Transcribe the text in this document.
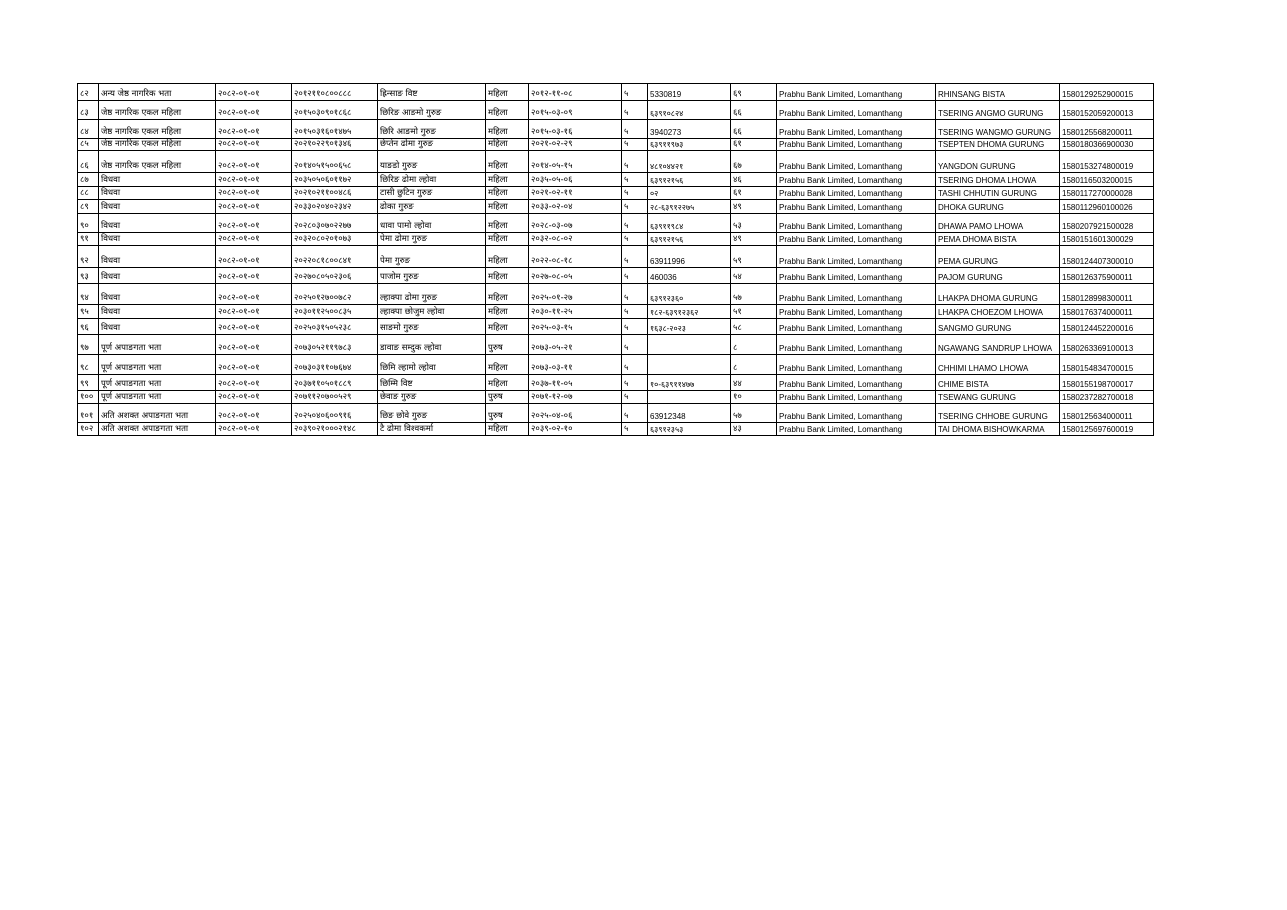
८२	अन्य जेष्ठ नागरिक भता	२०८२-०१-०१	२०१२११०८००८८८	ह्रिन्साङ विष्ट	महिला	२०१२-११-०८	५	5330819	६९	Prabhu Bank Limited, Lomanthang	RHINSANG BISTA	1580129252900015
८३	जेष्ठ नागरिक एकल महिला	२०८२-०१-०१	२०१५०३०९०१८६८	छिरिङ आङमो गुरुङ	महिला	२०१५-०३-०९	५	६३९१०८२४	६६	Prabhu Bank Limited, Lomanthang	TSERING ANGMO GURUNG	1580152059200013
८४	जेष्ठ नागरिक एकल महिला	२०८२-०१-०१	२०१५०३१६०१४७५	छिरि आङमो गुरुङ	महिला	२०१५-०३-१६	५	3940273	६६	Prabhu Bank Limited, Lomanthang	TSERING WANGMO GURUNG	1580125568200011
८५	जेष्ठ नागरिक एकल महिला	२०८२-०१-०१	२०२१०२२९०१३४६	छेप्तेन ढोमा गुरुङ	महिला	२०२१-०२-२९	५	६३९११९७३	६१	Prabhu Bank Limited, Lomanthang	TSEPTEN DHOMA GURUNG	1580180366900030
८६	जेष्ठ नागरिक एकल महिला	२०८२-०१-०१	२०१४०५१५००६५८	याङडो गुरुङ	महिला	२०१४-०५-१५	५	४८१०४४२१	६७	Prabhu Bank Limited, Lomanthang	YANGDON GURUNG	1580153274800019
८७	विधवा	२०८२-०१-०१	२०३५०५०६०११७२	छिरिङ ढोमा ल्होवा	महिला	२०३५-०५-०६	५	६३९१२१५६	४६	Prabhu Bank Limited, Lomanthang	TSERING DHOMA LHOWA	1580116503200015
८८	विधवा	२०८२-०१-०१	२०२१०२११००४८६	टासी छुटिन गुरुङ	महिला	२०२१-०२-११	५	०२	६१	Prabhu Bank Limited, Lomanthang	TASHI CHHUTIN GURUNG	1580117270000028
८९	विधवा	२०८२-०१-०१	२०३३०२०४०२३४२	ढोका गुरुङ	महिला	२०३३-०२-०४	५	२८-६३९१२२७५	४९	Prabhu Bank Limited, Lomanthang	DHOKA GURUNG	1580112960100026
९०	विधवा	२०८२-०१-०१	२०२८०३०७०२२७७	धावा पामो ल्होवा	महिला	२०२८-०३-०७	५	६३९११९८४	५३	Prabhu Bank Limited, Lomanthang	DHAWA PAMO LHOWA	1580207921500028
९१	विधवा	२०८२-०१-०१	२०३२०८०२०१०७३	पेमा ढोमा गुरुङ	महिला	२०३२-०८-०२	५	६३९१२१५६	४९	Prabhu Bank Limited, Lomanthang	PEMA DHOMA BISTA	1580151601300029
९२	विधवा	२०८२-०१-०१	२०२२०८१८००८४१	पेमा गुरुङ	महिला	२०२२-०८-१८	५	63911996	५९	Prabhu Bank Limited, Lomanthang	PEMA GURUNG	1580124407300010
९३	विधवा	२०८२-०१-०१	२०२७०८०५०२३०६	पाजोम गुरुङ	महिला	२०२७-०८-०५	५	460036	५४	Prabhu Bank Limited, Lomanthang	PAJOM GURUNG	1580126375900011
९४	विधवा	२०८२-०१-०१	२०२५०१२७००७८२	ल्हाक्पा ढोमा गुरुङ	महिला	२०२५-०१-२७	५	६३९१२३६०	५७	Prabhu Bank Limited, Lomanthang	LHAKPA DHOMA GURUNG	1580128998300011
९५	विधवा	२०८२-०१-०१	२०३०११२५००८३५	ल्हाक्पा छोजुम ल्होवा	महिला	२०३०-११-२५	५	१८२-६३९१२३६२	५१	Prabhu Bank Limited, Lomanthang	LHAKPA CHOEZOM LHOWA	1580176374000011
९६	विधवा	२०८२-०१-०१	२०२५०३१५०५२३८	साङमो गुरुङ	महिला	२०२५-०३-१५	५	१६३८-२०२३	५८	Prabhu Bank Limited, Lomanthang	SANGMO GURUNG	1580124452200016
९७	पूर्ण अपाङगता भता	२०८२-०१-०१	२०७३०५२११९७८३	डावाङ सम्दुक ल्होवा	पुरुष	२०७३-०५-२१	५		८	Prabhu Bank Limited, Lomanthang	NGAWANG SANDRUP LHOWA	1580263369100013
९८	पूर्ण अपाङगता भता	२०८२-०१-०१	२०७३०३११०७६७४	छिमि ल्हामो ल्होवा	महिला	२०७३-०३-११	५		८	Prabhu Bank Limited, Lomanthang	CHHIMI LHAMO LHOWA	1580154834700015
९९	पूर्ण अपाङगता भता	२०८२-०१-०१	२०३७११०५०१८८९	छिम्मि विष्ट	महिला	२०३७-११-०५	५	१०-६३९११४७७	४४	Prabhu Bank Limited, Lomanthang	CHIME BISTA	1580155198700017
१००	पूर्ण अपाङगता भता	२०८२-०१-०१	२०७११२०७००५२९	छेवाङ गुरुङ	पुरुष	२०७१-१२-०७	५		१०	Prabhu Bank Limited, Lomanthang	TSEWANG GURUNG	1580237282700018
१०१	अति अशक्त अपाङगता भता	२०८२-०१-०१	२०२५०४०६००९१६	छिङ छोवे गुरुङ	पुरुष	२०२५-०४-०६	५	63912348	५७	Prabhu Bank Limited, Lomanthang	TSERING CHHOBE GURUNG	1580125634000011
१०२	अति अशक्त अपाङगता भता	२०८२-०१-०१	२०३९०२१०००२१४८	टै ढोमा विश्वकर्मा	महिला	२०३९-०२-१०	५	६३९१२३५३	४३	Prabhu Bank Limited, Lomanthang	TAI DHOMA BISHOWKARMA	1580125697600019
